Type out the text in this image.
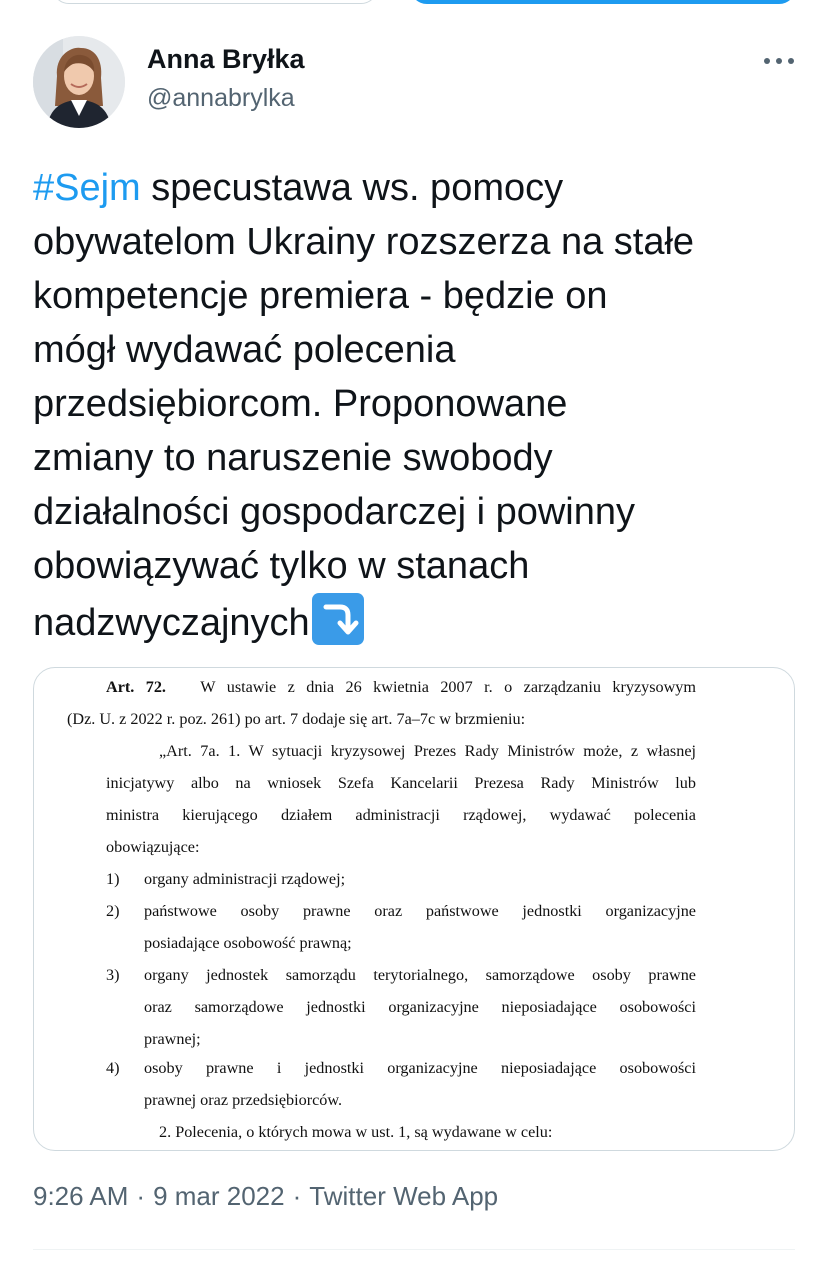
Anna Bryłka
@annabrylka
#Sejm specustawa ws. pomocy
obywatelom Ukrainy rozszerza na stałe
kompetencje premiera - będzie on
mógł wydawać polecenia
przedsiębiorcom. Proponowane
zmiany to naruszenie swobody
działalności gospodarczej i powinny
obowiązywać tylko w stanach
nadzwyczajnych
Art. 72. W ustawie z dnia 26 kwietnia 2007 r. o zarządzaniu kryzysowym
(Dz. U. z 2022 r. poz. 261) po art. 7 dodaje się art. 7a–7c w brzmieniu:
„Art. 7a. 1. W sytuacji kryzysowej Prezes Rady Ministrów może, z własnej
inicjatywy albo na wniosek Szefa Kancelarii Prezesa Rady Ministrów lub
ministra kierującego działem administracji rządowej, wydawać polecenia
obowiązujące:
1) organy administracji rządowej;
2) państwowe osoby prawne oraz państwowe jednostki organizacyjne
posiadające osobowość prawną;
3) organy jednostek samorządu terytorialnego, samorządowe osoby prawne
oraz samorządowe jednostki organizacyjne nieposiadające osobowości
prawnej;
4) osoby prawne i jednostki organizacyjne nieposiadające osobowości
prawnej oraz przedsiębiorców.
2. Polecenia, o których mowa w ust. 1, są wydawane w celu:
9:26 AM · 9 mar 2022 · Twitter Web App
